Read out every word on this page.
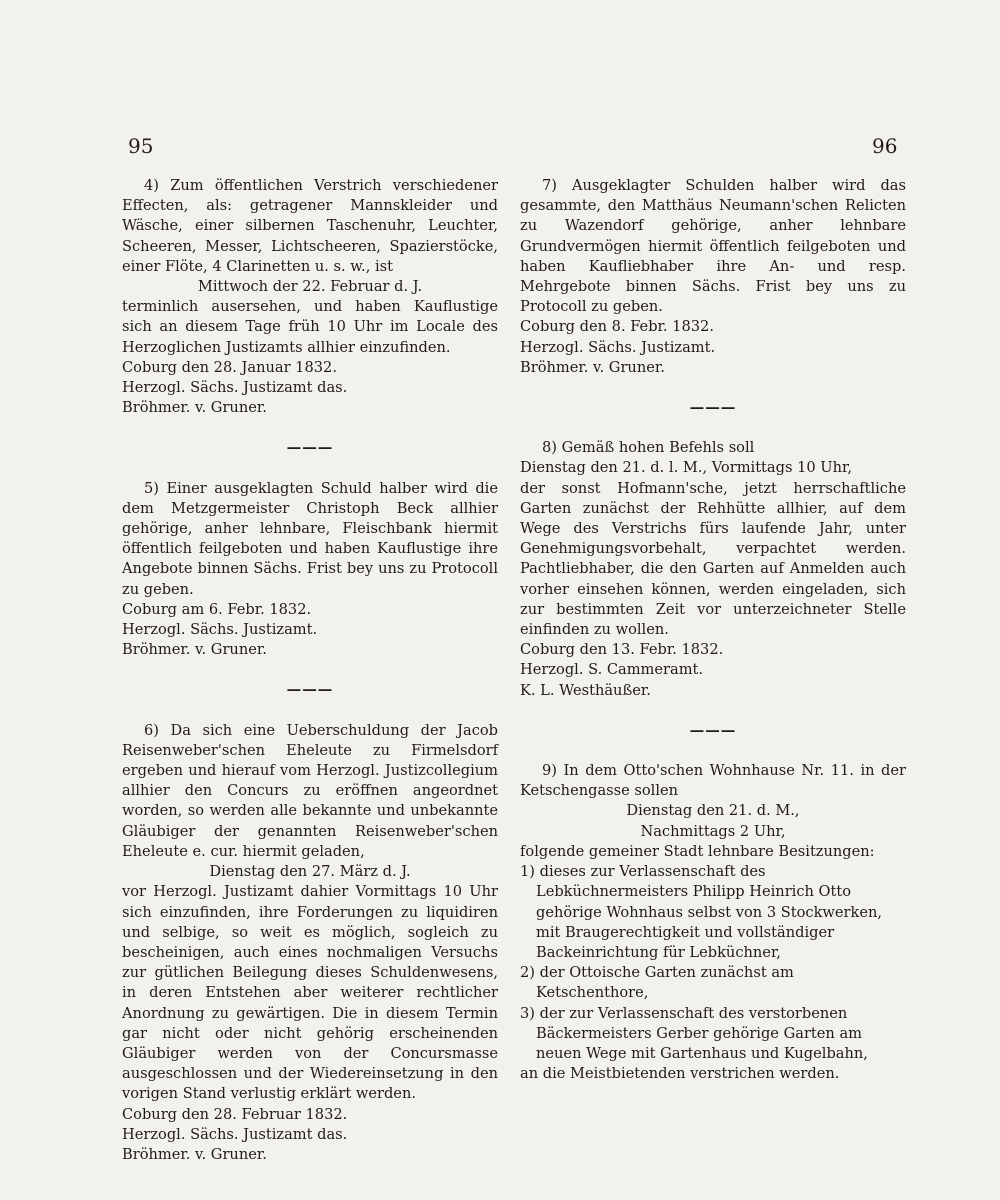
95	96

4) Zum öffentlichen Verstrich verschiedener Effecten, als: getragener Mannskleider und Wäsche, einer silbernen Taschenuhr, Leuchter, Scheeren, Messer, Lichtscheeren, Spazierstöcke, einer Flöte, 4 Clarinetten u. s. w., ist

Mittwoch der 22. Februar d. J.

terminlich ausersehen, und haben Kauflustige sich an diesem Tage früh 10 Uhr im Locale des Herzoglichen Justizamts allhier einzufinden.

Coburg den 28. Januar 1832.

Herzogl. Sächs. Justizamt das.

Bröhmer. v. Gruner.

———

5) Einer ausgeklagten Schuld halber wird die dem Metzgermeister Christoph Beck allhier gehörige, anher lehnbare, Fleischbank hiermit öffentlich feilgeboten und haben Kauflustige ihre Angebote binnen Sächs. Frist bey uns zu Protocoll zu geben.

Coburg am 6. Febr. 1832.

Herzogl. Sächs. Justizamt.

Bröhmer. v. Gruner.

———

6) Da sich eine Ueberschuldung der Jacob Reisenweber'schen Eheleute zu Firmelsdorf ergeben und hierauf vom Herzogl. Justizcollegium allhier den Concurs zu eröffnen angeordnet worden, so werden alle bekannte und unbekannte Gläubiger der genannten Reisenweber'schen Eheleute e. cur. hiermit geladen,

Dienstag den 27. März d. J.

vor Herzogl. Justizamt dahier Vormittags 10 Uhr sich einzufinden, ihre Forderungen zu liquidiren und selbige, so weit es möglich, sogleich zu bescheinigen, auch eines nochmaligen Versuchs zur gütlichen Beilegung dieses Schuldenwesens, in deren Entstehen aber weiterer rechtlicher Anordnung zu gewärtigen. Die in diesem Termin gar nicht oder nicht gehörig erscheinenden Gläubiger werden von der Concursmasse ausgeschlossen und der Wiedereinsetzung in den vorigen Stand verlustig erklärt werden.

Coburg den 28. Februar 1832.

Herzogl. Sächs. Justizamt das.

Bröhmer. v. Gruner.

7) Ausgeklagter Schulden halber wird das gesammte, den Matthäus Neumann'schen Relicten zu Wazendorf gehörige, anher lehnbare Grundvermögen hiermit öffentlich feilgeboten und haben Kaufliebhaber ihre An- und resp. Mehrgebote binnen Sächs. Frist bey uns zu Protocoll zu geben.

Coburg den 8. Febr. 1832.

Herzogl. Sächs. Justizamt.

Bröhmer. v. Gruner.

———

8) Gemäß hohen Befehls soll

Dienstag den 21. d. l. M., Vormittags 10 Uhr,

der sonst Hofmann'sche, jetzt herrschaftliche Garten zunächst der Rehhütte allhier, auf dem Wege des Verstrichs fürs laufende Jahr, unter Genehmigungsvorbehalt, verpachtet werden. Pachtliebhaber, die den Garten auf Anmelden auch vorher einsehen können, werden eingeladen, sich zur bestimmten Zeit vor unterzeichneter Stelle einfinden zu wollen.

Coburg den 13. Febr. 1832.

Herzogl. S. Cammeramt.

K. L. Westhäußer.

———

9) In dem Otto'schen Wohnhause Nr. 11. in der Ketschengasse sollen

Dienstag den 21. d. M.,

Nachmittags 2 Uhr,

folgende gemeiner Stadt lehnbare Besitzungen:

1) dieses zur Verlassenschaft des Lebküchnermeisters Philipp Heinrich Otto gehörige Wohnhaus selbst von 3 Stockwerken, mit Braugerechtigkeit und vollständiger Backeinrichtung für Lebküchner,
2) der Ottoische Garten zunächst am Ketschenthore,
3) der zur Verlassenschaft des verstorbenen Bäckermeisters Gerber gehörige Garten am neuen Wege mit Gartenhaus und Kugelbahn,

an die Meistbietenden verstrichen werden.
